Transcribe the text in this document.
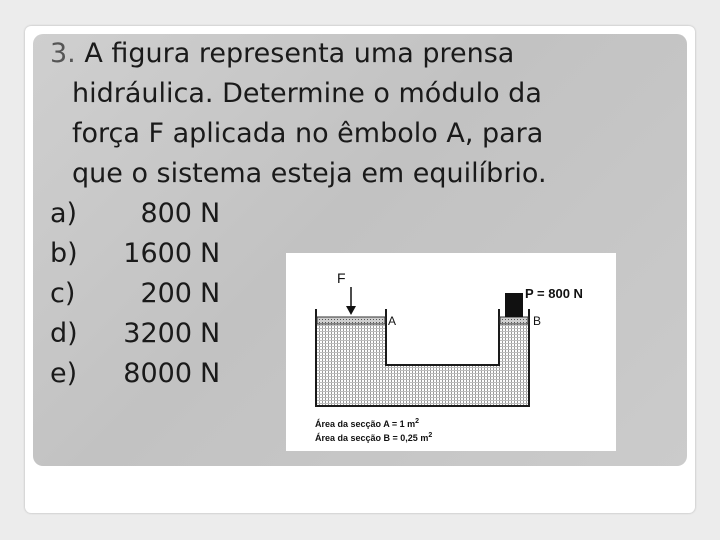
3. A figura representa uma prensa
hidráulica. Determine o módulo da
força F aplicada no êmbolo A, para
que o sistema esteja em equilíbrio.
a)	800 N
b)	1600 N
c)	200 N
d)	3200 N
e)	8000 N
F
A	B
P = 800 N
Área da secção A = 1 $m^2$
Área da secção B = 0,25 $m^2$
